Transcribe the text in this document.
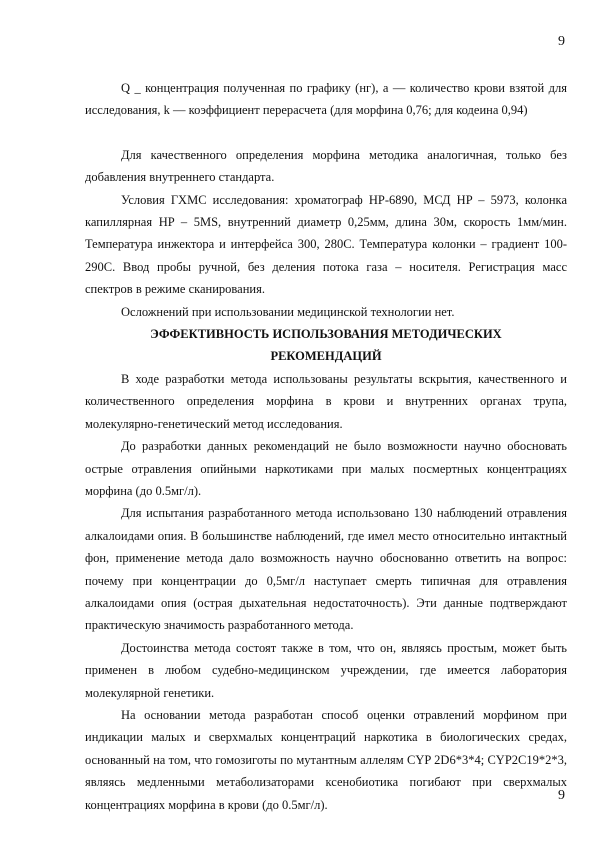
9

Q _ концентрация полученная по графику (нг), а — количество крови взятой для исследования, k — коэффициент перерасчета (для морфина 0,76; для кодеина 0,94)

Для качественного определения морфина методика аналогичная, только без добавления внутреннего стандарта.

Условия ГХМС исследования: хроматограф HP-6890, МСД HP – 5973, колонка капиллярная HP – 5MS, внутренний диаметр 0,25мм, длина 30м, скорость 1мм/мин. Температура инжектора и интерфейса 300, 280С. Температура колонки – градиент 100-290С. Ввод пробы ручной, без деления потока газа – носителя. Регистрация масс спектров в режиме сканирования.

Осложнений при использовании медицинской технологии нет.

ЭФФЕКТИВНОСТЬ ИСПОЛЬЗОВАНИЯ МЕТОДИЧЕСКИХ РЕКОМЕНДАЦИЙ

В ходе разработки метода использованы результаты вскрытия, качественного и количественного определения морфина в крови и внутренних органах трупа, молекулярно-генетический метод исследования.

До разработки данных рекомендаций не было возможности научно обосновать острые отравления опийными наркотиками при малых посмертных концентрациях морфина (до 0.5мг/л).

Для испытания разработанного метода использовано 130 наблюдений отравления алкалоидами опия. В большинстве наблюдений, где имел место относительно интактный фон, применение метода дало возможность научно обоснованно ответить на вопрос: почему при концентрации до 0,5мг/л наступает смерть типичная для отравления алкалоидами опия (острая дыхательная недостаточность). Эти данные подтверждают практическую значимость разработанного метода.

Достоинства метода состоят также в том, что он, являясь простым, может быть применен в любом судебно-медицинском учреждении, где имеется лаборатория молекулярной генетики.

На основании метода разработан способ оценки отравлений морфином при индикации малых и сверхмалых концентраций наркотика в биологических средах, основанный на том, что гомозиготы по мутантным аллелям CYP 2D6*3*4; CYP2C19*2*3, являясь медленными метаболизаторами ксенобиотика погибают при сверхмалых концентрациях морфина в крови (до 0.5мг/л).

9
